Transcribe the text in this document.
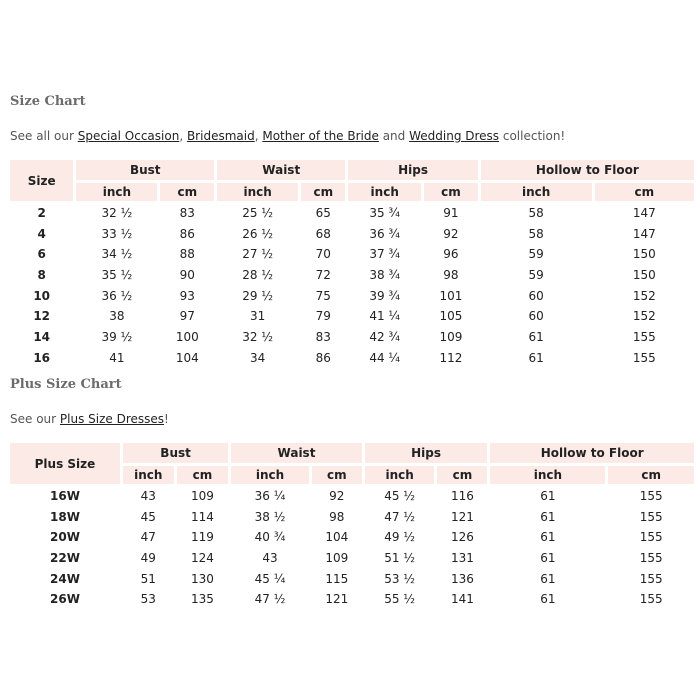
Size Chart

See all our Special Occasion, Bridesmaid, Mother of the Bride and Wedding Dress collection!

Size	Bust		Waist		Hips		Hollow to Floor	
	inch	cm	inch	cm	inch	cm	inch	cm
2	32 ½	83	25 ½	65	35 ¾	91	58	147
4	33 ½	86	26 ½	68	36 ¾	92	58	147
6	34 ½	88	27 ½	70	37 ¾	96	59	150
8	35 ½	90	28 ½	72	38 ¾	98	59	150
10	36 ½	93	29 ½	75	39 ¾	101	60	152
12	38	97	31	79	41 ¼	105	60	152
14	39 ½	100	32 ½	83	42 ¾	109	61	155
16	41	104	34	86	44 ¼	112	61	155
Plus Size Chart

See our Plus Size Dresses!

Plus Size	Bust		Waist		Hips		Hollow to Floor	
	inch	cm	inch	cm	inch	cm	inch	cm
16W	43	109	36 ¼	92	45 ½	116	61	155
18W	45	114	38 ½	98	47 ½	121	61	155
20W	47	119	40 ¾	104	49 ½	126	61	155
22W	49	124	43	109	51 ½	131	61	155
24W	51	130	45 ¼	115	53 ½	136	61	155
26W	53	135	47 ½	121	55 ½	141	61	155
